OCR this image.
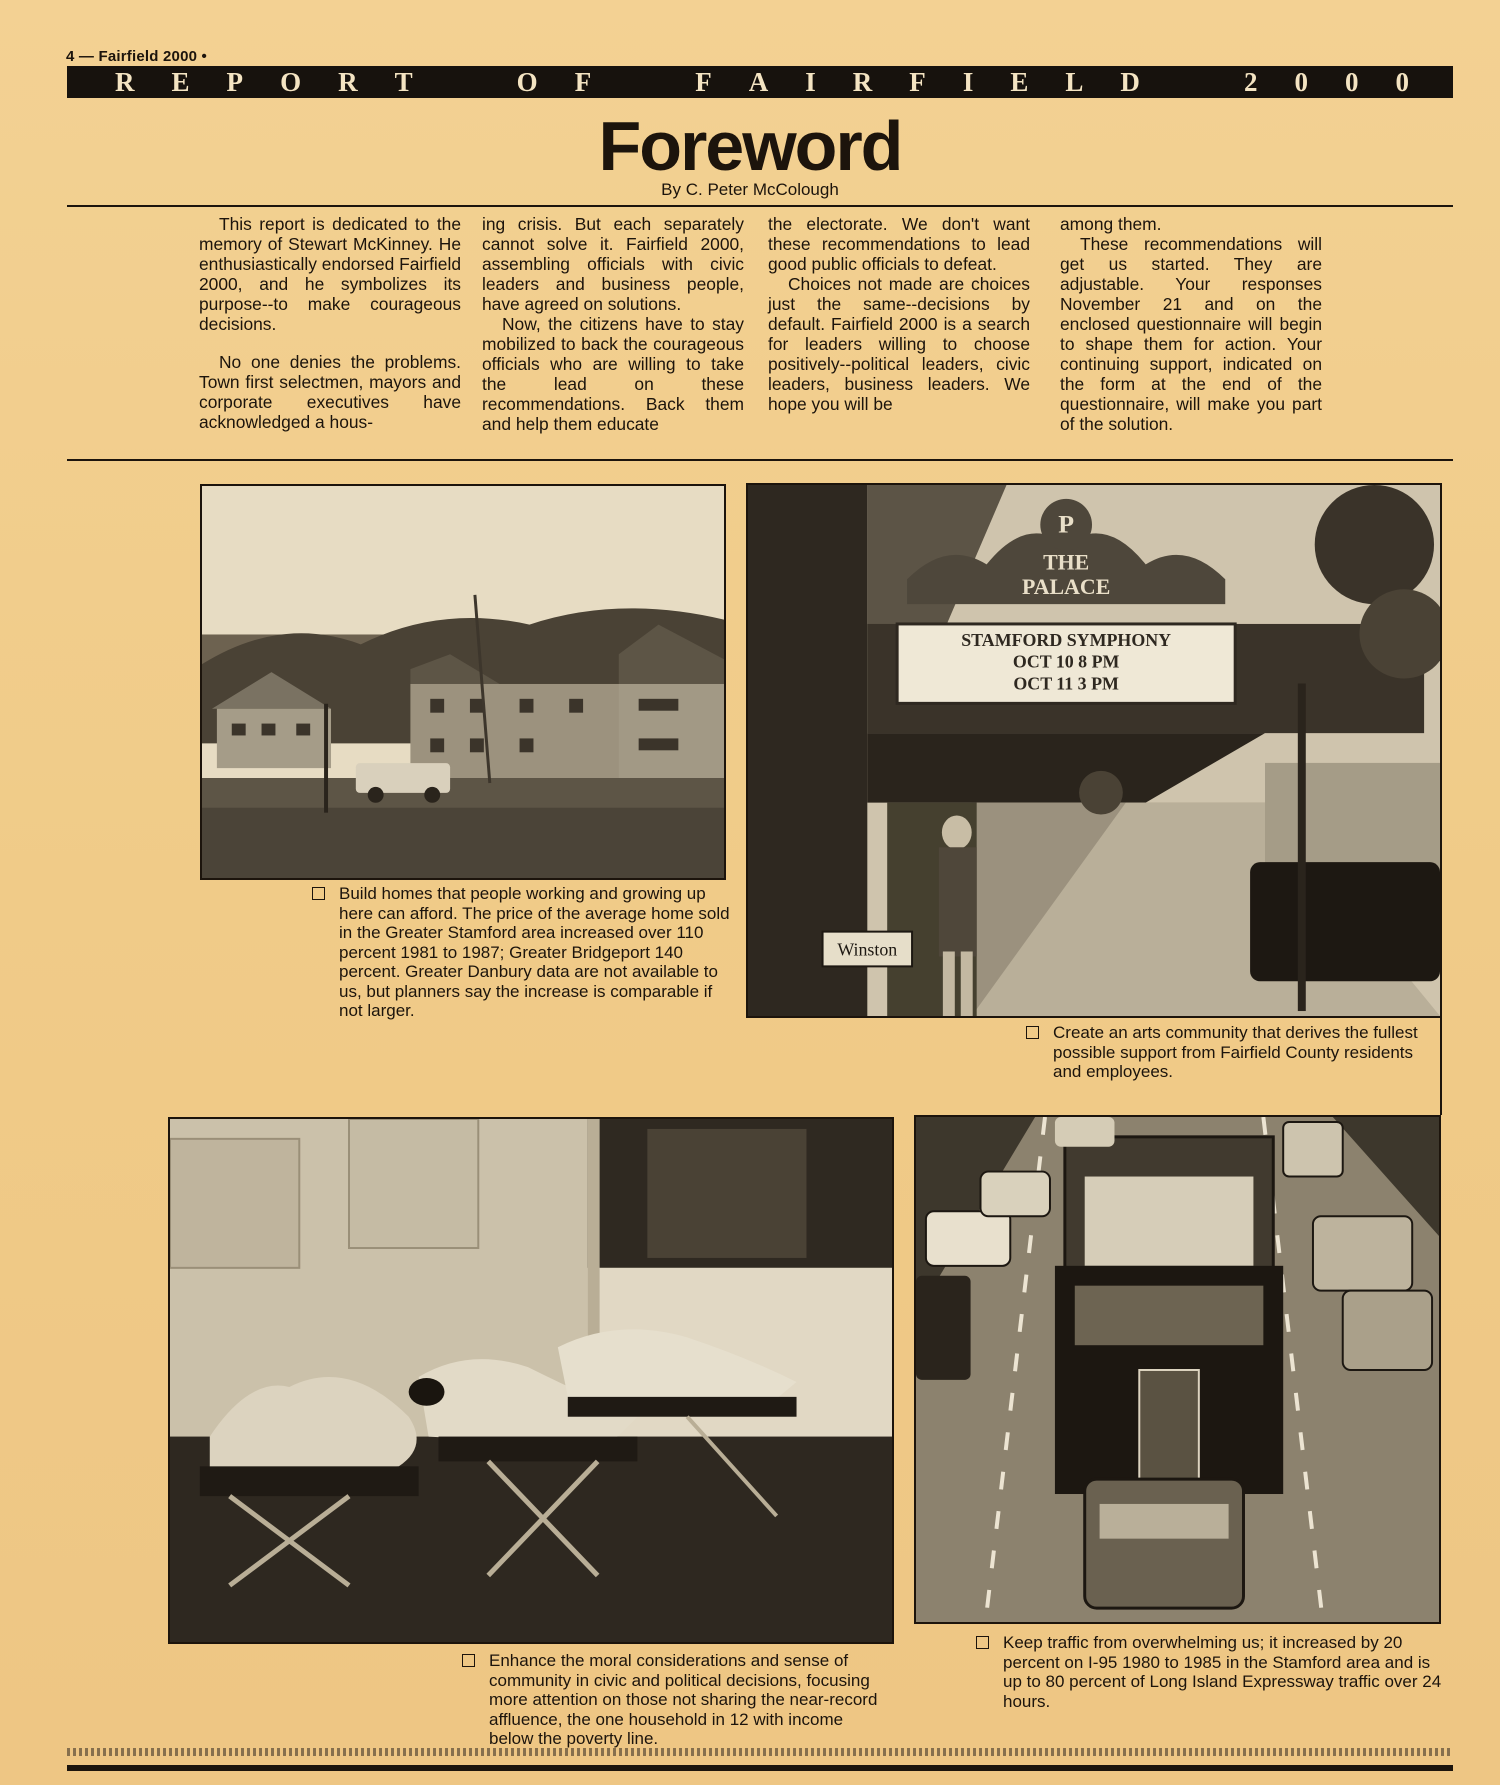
4 — Fairfield 2000 •
R E P O R T	O F	F A I R F I E L D	2 0 0 0
Foreword
By C. Peter McColough

This report is dedicated to the memory of Stewart McKinney. He enthusiastically endorsed Fairfield 2000, and he symbolizes its purpose--to make courageous decisions.

No one denies the problems. Town first selectmen, mayors and corporate executives have acknowledged a hous-

ing crisis. But each separately cannot solve it. Fairfield 2000, assembling officials with civic leaders and business people, have agreed on solutions.

Now, the citizens have to stay mobilized to back the courageous officials who are willing to take the lead on these recommendations. Back them and help them educate

the electorate. We don't want these recommendations to lead good public officials to defeat.

Choices not made are choices just the same--decisions by default. Fairfield 2000 is a search for leaders willing to choose positively--political leaders, civic leaders, business leaders. We hope you will be

among them.

These recommendations will get us started. They are adjustable. Your responses November 21 and on the enclosed questionnaire will begin to shape them for action. Your continuing support, indicated on the form at the end of the questionnaire, will make you part of the solution.

Build homes that people working and growing up here can afford. The price of the average home sold in the Greater Stamford area increased over 110 percent 1981 to 1987; Greater Bridgeport 140 percent. Greater Danbury data are not available to us, but planners say the increase is comparable if not larger.
P
THE
PALACE
STAMFORD SYMPHONY
OCT 10 8 PM
OCT 11 3 PM
Winston
Create an arts community that derives the fullest possible support from Fairfield County residents and employees.
Enhance the moral considerations and sense of community in civic and political decisions, focusing more attention on those not sharing the near-record affluence, the one household in 12 with income below the poverty line.
Keep traffic from overwhelming us; it increased by 20 percent on I-95 1980 to 1985 in the Stamford area and is up to 80 percent of Long Island Expressway traffic over 24 hours.
